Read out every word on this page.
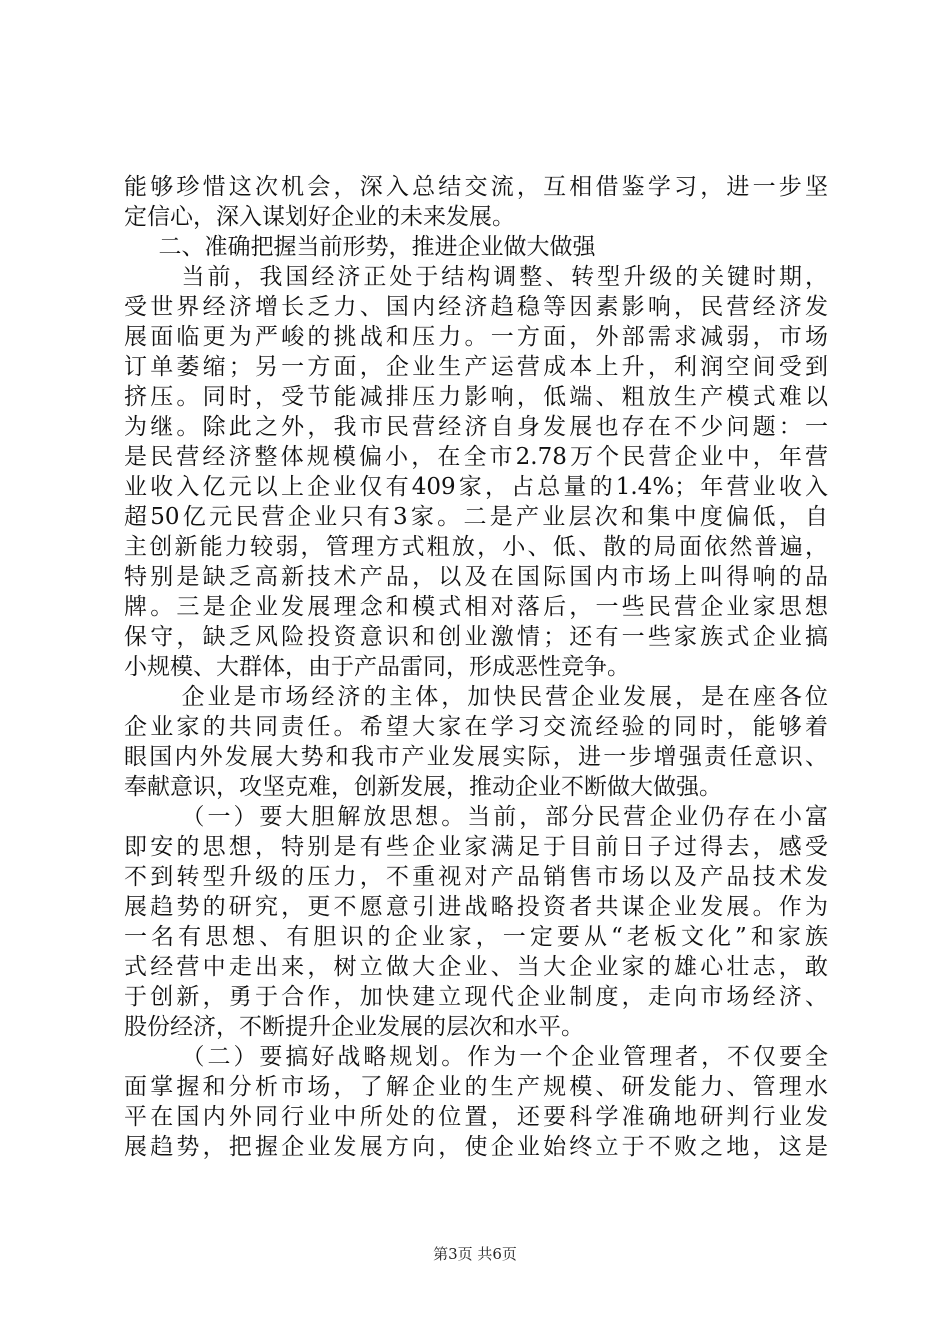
能够珍惜这次机会，深入总结交流，互相借鉴学习，进一步坚
定信心，深入谋划好企业的未来发展。
二、准确把握当前形势，推进企业做大做强
当前，我国经济正处于结构调整、转型升级的关键时期，
受世界经济增长乏力、国内经济趋稳等因素影响，民营经济发
展面临更为严峻的挑战和压力。一方面，外部需求减弱，市场
订单萎缩；另一方面，企业生产运营成本上升，利润空间受到
挤压。同时，受节能减排压力影响，低端、粗放生产模式难以
为继。除此之外，我市民营经济自身发展也存在不少问题：一
是民营经济整体规模偏小，在全市2.78万个民营企业中，年营
业收入亿元以上企业仅有409家，占总量的1.4%；年营业收入
超50亿元民营企业只有3家。二是产业层次和集中度偏低，自
主创新能力较弱，管理方式粗放，小、低、散的局面依然普遍，
特别是缺乏高新技术产品，以及在国际国内市场上叫得响的品
牌。三是企业发展理念和模式相对落后，一些民营企业家思想
保守，缺乏风险投资意识和创业激情；还有一些家族式企业搞
小规模、大群体，由于产品雷同，形成恶性竞争。
企业是市场经济的主体，加快民营企业发展，是在座各位
企业家的共同责任。希望大家在学习交流经验的同时，能够着
眼国内外发展大势和我市产业发展实际，进一步增强责任意识、
奉献意识，攻坚克难，创新发展，推动企业不断做大做强。
（一）要大胆解放思想。当前，部分民营企业仍存在小富
即安的思想，特别是有些企业家满足于目前日子过得去，感受
不到转型升级的压力，不重视对产品销售市场以及产品技术发
展趋势的研究，更不愿意引进战略投资者共谋企业发展。作为
一名有思想、有胆识的企业家，一定要从“老板文化”和家族
式经营中走出来，树立做大企业、当大企业家的雄心壮志，敢
于创新，勇于合作，加快建立现代企业制度，走向市场经济、
股份经济，不断提升企业发展的层次和水平。
（二）要搞好战略规划。作为一个企业管理者，不仅要全
面掌握和分析市场，了解企业的生产规模、研发能力、管理水
平在国内外同行业中所处的位置，还要科学准确地研判行业发
展趋势，把握企业发展方向，使企业始终立于不败之地，这是
第3页 共6页
